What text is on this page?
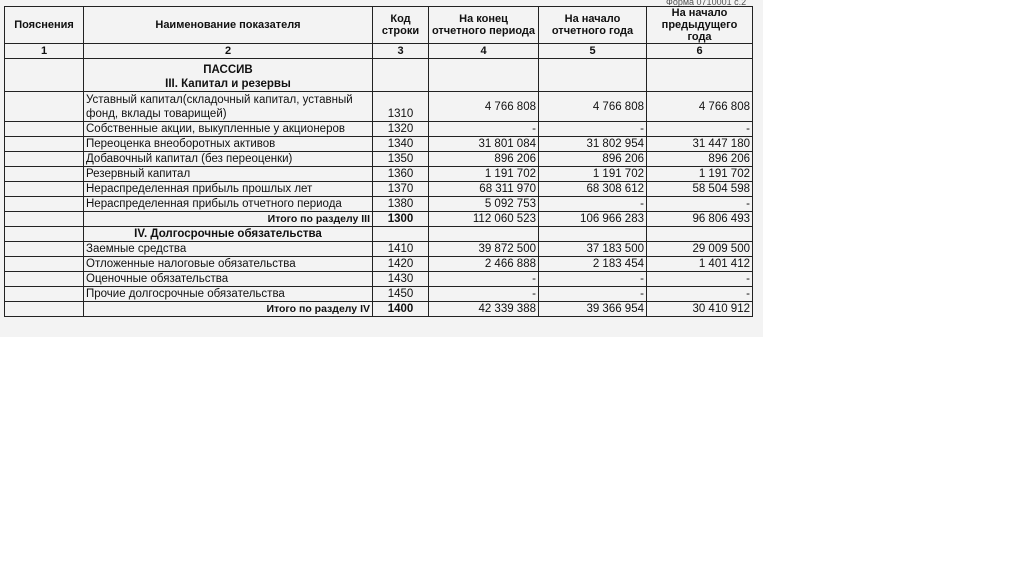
Форма 0710001 с.2
Пояснения	Наименование показателя	Код строки	На конец отчетного периода	На начало отчетного года	На начало предыдущего года
1	2	3	4	5	6

	ПАССИВ
III. Капитал и резервы				

	Уставный капитал(складочный капитал, уставный фонд, вклады товарищей)	1310	4 766 808	4 766 808	4 766 808
	Собственные акции, выкупленные у акционеров	1320	-	-	-
	Переоценка внеоборотных активов	1340	31 801 084	31 802 954	31 447 180
	Добавочный капитал (без переоценки)	1350	896 206	896 206	896 206
	Резервный капитал	1360	1 191 702	1 191 702	1 191 702
	Нераспределенная прибыль прошлых лет	1370	68 311 970	68 308 612	58 504 598
	Нераспределенная прибыль отчетного периода	1380	5 092 753	-	-
	Итого по разделу III	1300	112 060 523	106 966 283	96 806 493
	IV. Долгосрочные обязательства				
	Заемные средства	1410	39 872 500	37 183 500	29 009 500
	Отложенные налоговые обязательства	1420	2 466 888	2 183 454	1 401 412
	Оценочные обязательства	1430	-	-	-
	Прочие долгосрочные обязательства	1450	-	-	-
	Итого по разделу IV	1400	42 339 388	39 366 954	30 410 912
